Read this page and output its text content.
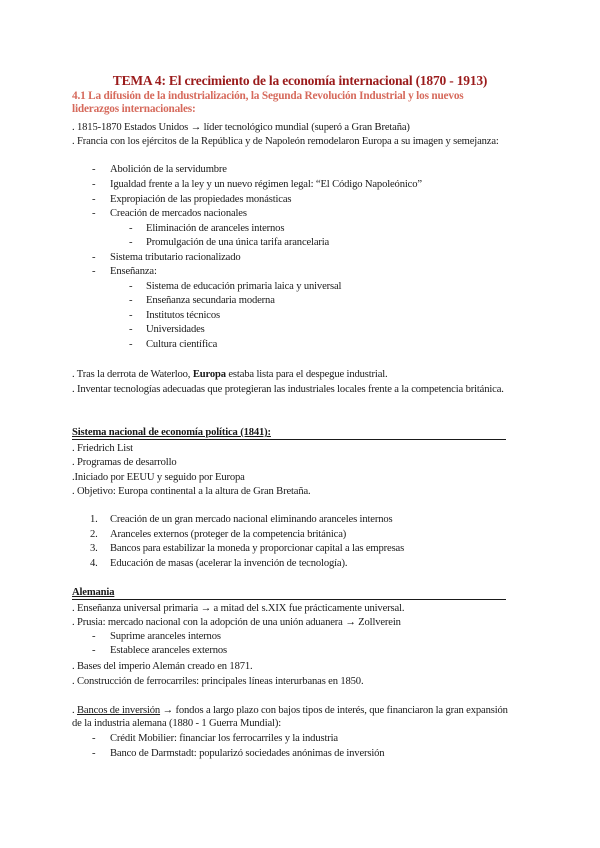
TEMA 4: El crecimiento de la economía internacional (1870 - 1913)
4.1 La difusión de la industrialización, la Segunda Revolución Industrial y los nuevos liderazgos internacionales:
. 1815-1870 Estados Unidos → líder tecnológico mundial (superó a Gran Bretaña)
. Francia con los ejércitos de la República y de Napoleón remodelaron Europa a su imagen y semejanza:
- Abolición de la servidumbre
- Igualdad frente a la ley y un nuevo régimen legal: “El Código Napoleónico”
- Expropiación de las propiedades monásticas
- Creación de mercados nacionales
- Eliminación de aranceles internos
- Promulgación de una única tarifa arancelaria
- Sistema tributario racionalizado
- Enseñanza:
- Sistema de educación primaria laica y universal
- Enseñanza secundaria moderna
- Institutos técnicos
- Universidades
- Cultura científica
. Tras la derrota de Waterloo, Europa estaba lista para el despegue industrial.
. Inventar tecnologías adecuadas que protegieran las industriales locales frente a la competencia británica.
Sistema nacional de economía política (1841):
. Friedrich List
. Programas de desarrollo
.Iniciado por EEUU y seguido por Europa
. Objetivo: Europa continental a la altura de Gran Bretaña.
1. Creación de un gran mercado nacional eliminando aranceles internos
2. Aranceles externos (proteger de la competencia británica)
3. Bancos para estabilizar la moneda y proporcionar capital a las empresas
4. Educación de masas (acelerar la invención de tecnología).
Alemania
. Enseñanza universal primaria → a mitad del s.XIX fue prácticamente universal.
. Prusia: mercado nacional con la adopción de una unión aduanera → Zollverein
- Suprime aranceles internos
- Establece aranceles externos
. Bases del imperio Alemán creado en 1871.
. Construcción de ferrocarriles: principales líneas interurbanas en 1850.
. Bancos de inversión → fondos a largo plazo con bajos tipos de interés, que financiaron la gran expansión de la industria alemana (1880 - 1 Guerra Mundial):
- Crédit Mobilier: financiar los ferrocarriles y la industria
- Banco de Darmstadt: popularizó sociedades anónimas de inversión
